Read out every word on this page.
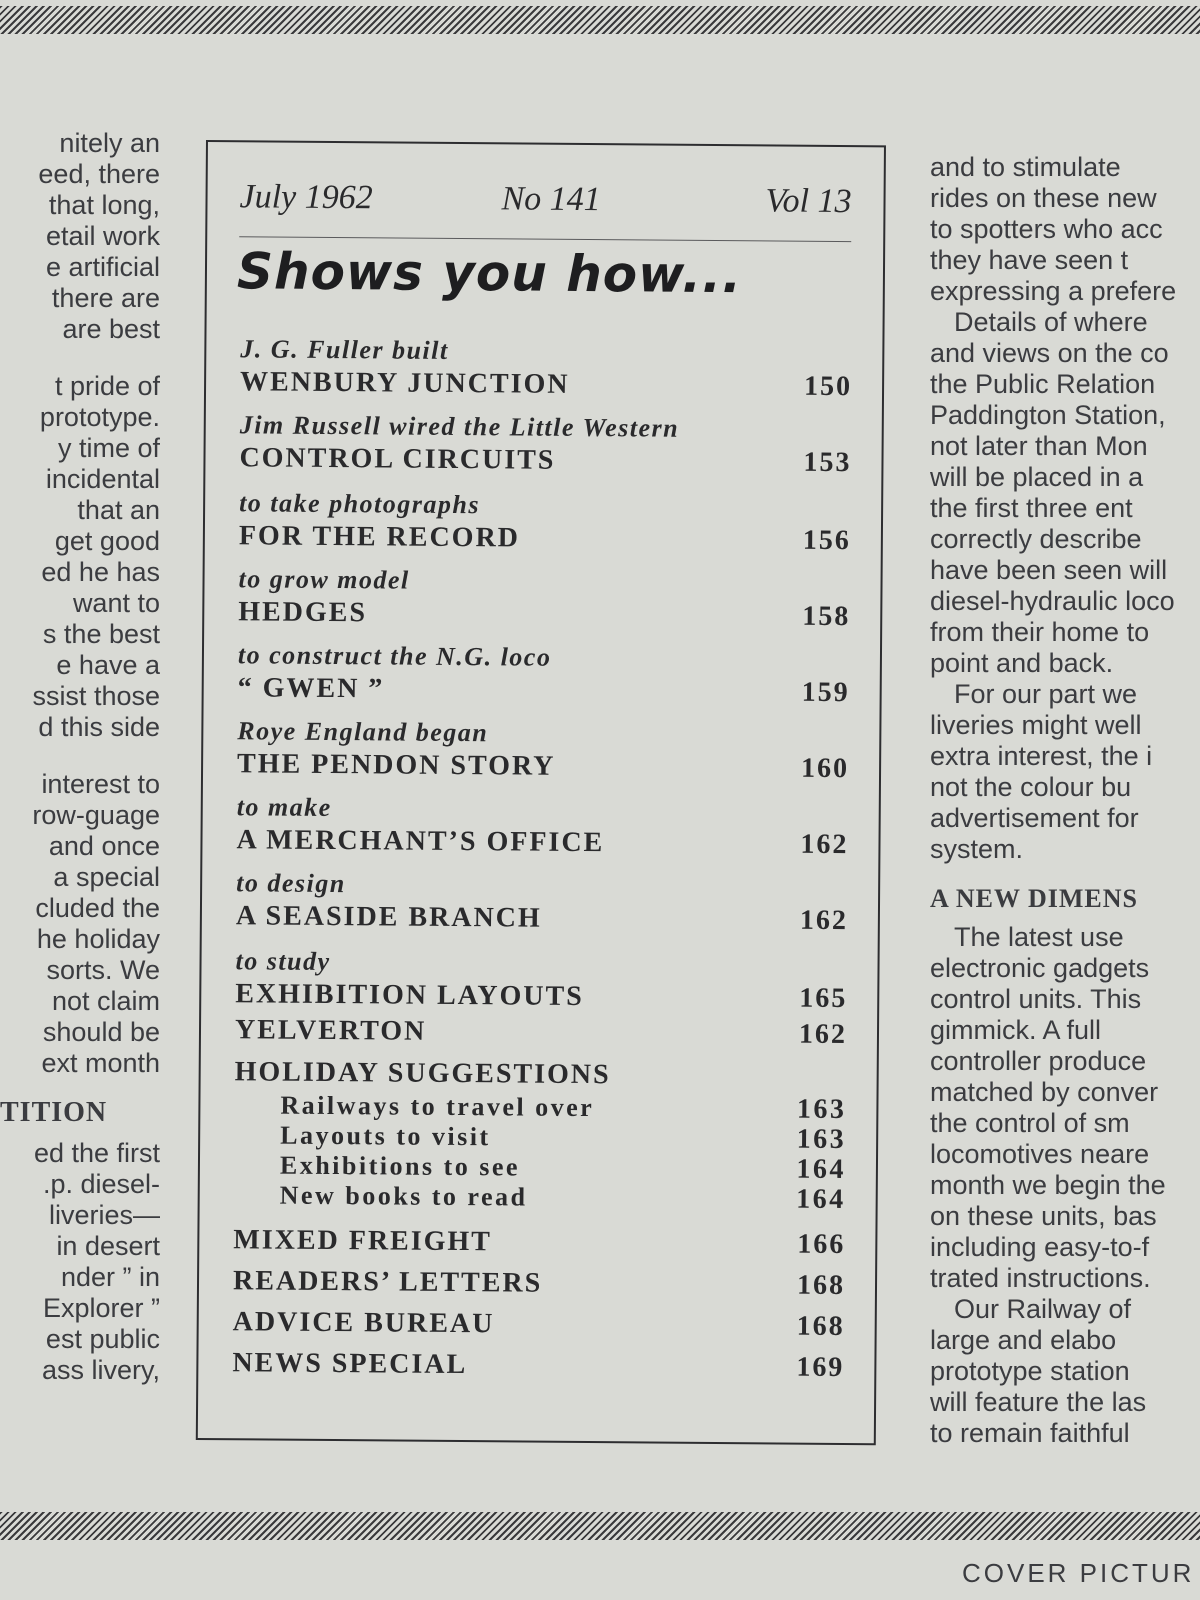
nitely an
eed, there
that long,
etail work
e artificial
there are
are best
t pride of
prototype.
y time of
incidental
that an
get good
ed he has
want to
s the best
e have a
ssist those
d this side
interest to
row-guage
and once
a special
cluded the
he holiday
sorts. We
not claim
should be
ext month
TITION
ed the first
.p. diesel-
liveries—
in desert
nder ” in
Explorer ”
est public
ass livery,
and to stimulate
rides on these new
to spotters who acc
they have seen t
expressing a prefere
Details of where
and views on the co
the Public Relation
Paddington Station,
not later than Mon
will be placed in a
the first three ent
correctly describe
have been seen will
diesel-hydraulic loco
from their home to
point and back.
For our part we
liveries might well
extra interest, the i
not the colour bu
advertisement for
system.
A NEW DIMENS
The latest use
electronic gadgets
control units. This
gimmick. A full
controller produce
matched by conver
the control of sm
locomotives neare
month we begin the
on these units, bas
including easy-to-f
trated instructions.
Our Railway of
large and elabo
prototype station
will feature the las
to remain faithful
July 1962	No 141	Vol 13
Shows you how...
J. G. Fuller built
WENBURY JUNCTION	150
Jim Russell wired the Little Western
CONTROL CIRCUITS	153
to take photographs
FOR THE RECORD	156
to grow model
HEDGES	158
to construct the N.G. loco
“ GWEN ”	159
Roye England began
THE PENDON STORY	160
to make
A MERCHANT’S OFFICE	162
to design
A SEASIDE BRANCH	162
to study
EXHIBITION LAYOUTS	165
YELVERTON	162
HOLIDAY SUGGESTIONS
Railways to travel over	163
Layouts to visit	163
Exhibitions to see	164
New books to read	164
MIXED FREIGHT	166
READERS’ LETTERS	168
ADVICE BUREAU	168
NEWS SPECIAL	169
COVER PICTUR
